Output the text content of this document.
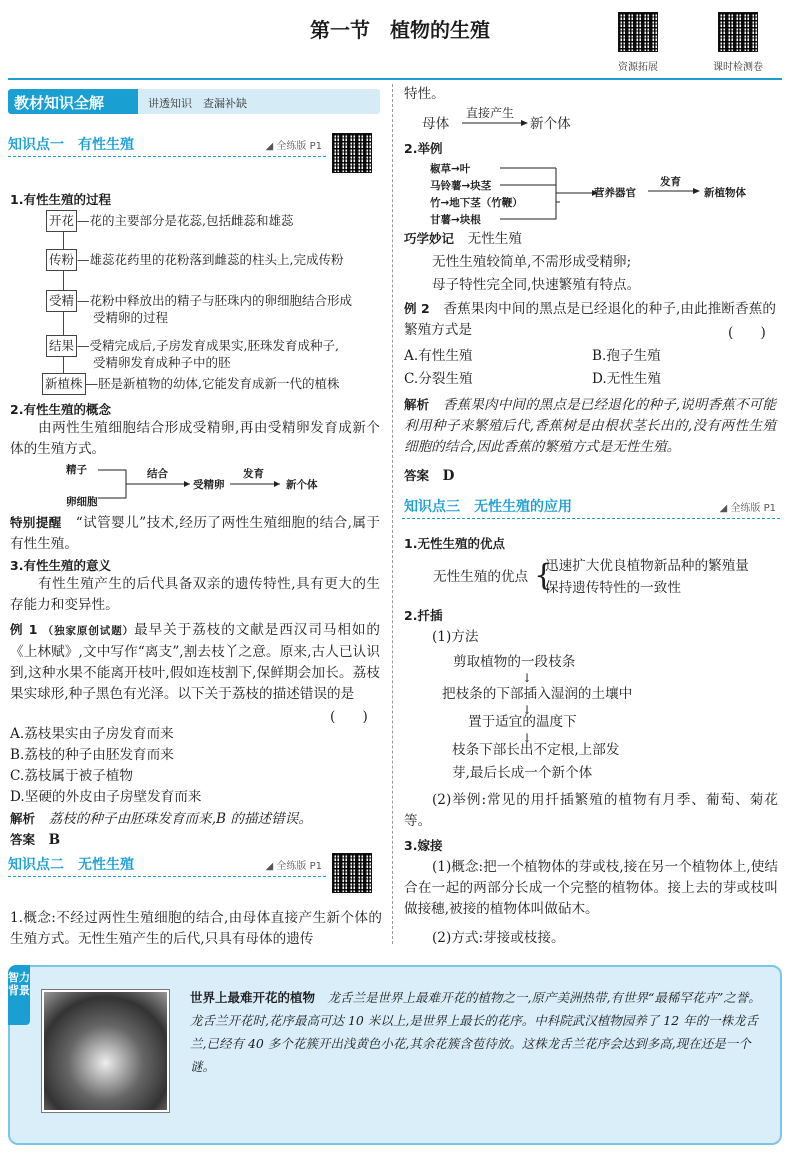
第一节　植物的生殖
资源拓展	课时检测卷
教材知识全解	讲透知识　查漏补缺
知识点一　有性生殖	◢ 全练版 P1
1.有性生殖的过程
开花 —花的主要部分是花蕊,包括雌蕊和雄蕊
传粉 —雄蕊花药里的花粉落到雌蕊的柱头上,完成传粉
受精 —花粉中释放出的精子与胚珠内的卵细胞结合形成
受精卵的过程
结果 —受精完成后,子房发育成果实,胚珠发育成种子,
受精卵发育成种子中的胚
新植株 —胚是新植物的幼体,它能发育成新一代的植株
2.有性生殖的概念
由两性生殖细胞结合形成受精卵,再由受精卵发育成新个体的生殖方式。
精子
卵细胞
结合
受精卵
发育
新个体
特别提醒　 “试管婴儿”技术,经历了两性生殖细胞的结合,属于有性生殖。
3.有性生殖的意义
有性生殖产生的后代具备双亲的遗传特性,具有更大的生存能力和变异性。
例 1 （独家原创试题）最早关于荔枝的文献是西汉司马相如的《上林赋》,文中写作“离支”,割去枝丫之意。原来,古人已认识到,这种水果不能离开枝叶,假如连枝割下,保鲜期会加长。荔枝果实球形,种子黑色有光泽。以下关于荔枝的描述错误的是
(　　)
A.荔枝果实由子房发育而来
B.荔枝的种子由胚发育而来
C.荔枝属于被子植物
D.坚硬的外皮由子房壁发育而来
解析　 荔枝的种子由胚珠发育而来,B 的描述错误。
答案　 B
知识点二　无性生殖	◢ 全练版 P1
1.概念:不经过两性生殖细胞的结合,由母体直接产生新个体的生殖方式。无性生殖产生的后代,只具有母体的遗传
特性。
母体
直接产生
新个体
2.举例
椒草→叶
马铃薯→块茎
竹→地下茎（竹鞭）
甘薯→块根
营养器官
发育
新植物体
巧学妙记　 无性生殖
无性生殖较简单,不需形成受精卵;
母子特性完全同,快速繁殖有特点。
例 2　 香蕉果肉中间的黑点是已经退化的种子,由此推断香蕉的繁殖方式是	(　　)
A.有性生殖	B.孢子生殖
C.分裂生殖	D.无性生殖
解析　 香蕉果肉中间的黑点是已经退化的种子,说明香蕉不可能利用种子来繁殖后代,香蕉树是由根状茎长出的,没有两性生殖细胞的结合,因此香蕉的繁殖方式是无性生殖。
答案　 D
知识点三　无性生殖的应用	◢ 全练版 P1
1.无性生殖的优点
无性生殖的优点 {
迅速扩大优良植物新品种的繁殖量
保持遗传特性的一致性
2.扦插
(1)方法
剪取植物的一段枝条
↓
把枝条的下部插入湿润的土壤中
↓
置于适宜的温度下
↓
枝条下部长出不定根,上部发
芽,最后长成一个新个体
(2)举例:常见的用扦插繁殖的植物有月季、葡萄、菊花等。
3.嫁接
(1)概念:把一个植物体的芽或枝,接在另一个植物体上,使结合在一起的两部分长成一个完整的植物体。接上去的芽或枝叫做接穗,被接的植物体叫做砧木。
(2)方式:芽接或枝接。
智力背景	世界上最难开花的植物　 龙舌兰是世界上最难开花的植物之一,原产美洲热带,有世界“最稀罕花卉”之誉。龙舌兰开花时,花序最高可达 10 米以上,是世界上最长的花序。中科院武汉植物园养了 12 年的一株龙舌兰,已经有 40 多个花簇开出浅黄色小花,其余花簇含苞待放。这株龙舌兰花序会达到多高,现在还是一个谜。
